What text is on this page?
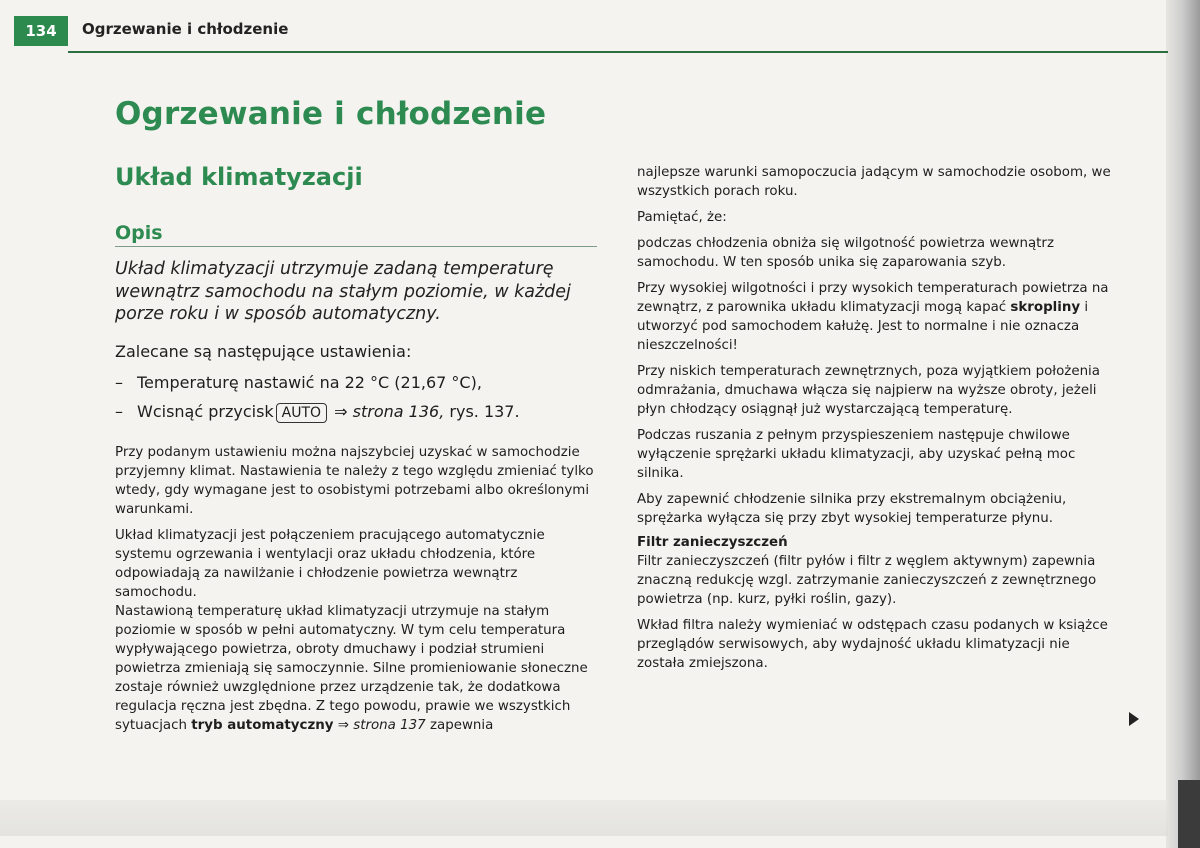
134	Ogrzewanie i chłodzenie
Ogrzewanie i chłodzenie
Układ klimatyzacji
Opis

Układ klimatyzacji utrzymuje zadaną temperaturę wewnątrz samochodu na stałym poziomie, w każdej porze roku i w sposób automatyczny.

Zalecane są następujące ustawienia:

– Temperaturę nastawić na 22 °C (21,67 °C),
– Wcisnąć przycisk AUTO ⇒ strona 136, rys. 137.

Przy podanym ustawieniu można najszybciej uzyskać w samochodzie przyjemny klimat. Nastawienia te należy z tego względu zmieniać tylko wtedy, gdy wymagane jest to osobistymi potrzebami albo określonymi warunkami.

Układ klimatyzacji jest połączeniem pracującego automatycznie systemu ogrzewania i wentylacji oraz układu chłodzenia, które odpowiadają za nawilżanie i chłodzenie powietrza wewnątrz samochodu.

Nastawioną temperaturę układ klimatyzacji utrzymuje na stałym poziomie w sposób w pełni automatyczny. W tym celu temperatura wypływającego powietrza, obroty dmuchawy i podział strumieni powietrza zmieniają się samoczynnie. Silne promieniowanie słoneczne zostaje również uwzględnione przez urządzenie tak, że dodatkowa regulacja ręczna jest zbędna. Z tego powodu, prawie we wszystkich sytuacjach tryb automatyczny ⇒ strona 137 zapewnia

najlepsze warunki samopoczucia jadącym w samochodzie osobom, we wszystkich porach roku.

Pamiętać, że:

podczas chłodzenia obniża się wilgotność powietrza wewnątrz samochodu. W ten sposób unika się zaparowania szyb.

Przy wysokiej wilgotności i przy wysokich temperaturach powietrza na zewnątrz, z parownika układu klimatyzacji mogą kapać skropliny i utworzyć pod samochodem kałużę. Jest to normalne i nie oznacza nieszczelności!

Przy niskich temperaturach zewnętrznych, poza wyjątkiem położenia odmrażania, dmuchawa włącza się najpierw na wyższe obroty, jeżeli płyn chłodzący osiągnął już wystarczającą temperaturę.

Podczas ruszania z pełnym przyspieszeniem następuje chwilowe wyłączenie sprężarki układu klimatyzacji, aby uzyskać pełną moc silnika.

Aby zapewnić chłodzenie silnika przy ekstremalnym obciążeniu, sprężarka wyłącza się przy zbyt wysokiej temperaturze płynu.

Filtr zanieczyszczeń

Filtr zanieczyszczeń (filtr pyłów i filtr z węglem aktywnym) zapewnia znaczną redukcję wzgl. zatrzymanie zanieczyszczeń z zewnętrznego powietrza (np. kurz, pyłki roślin, gazy).

Wkład filtra należy wymieniać w odstępach czasu podanych w książce przeglądów serwisowych, aby wydajność układu klimatyzacji nie została zmiejszona.
